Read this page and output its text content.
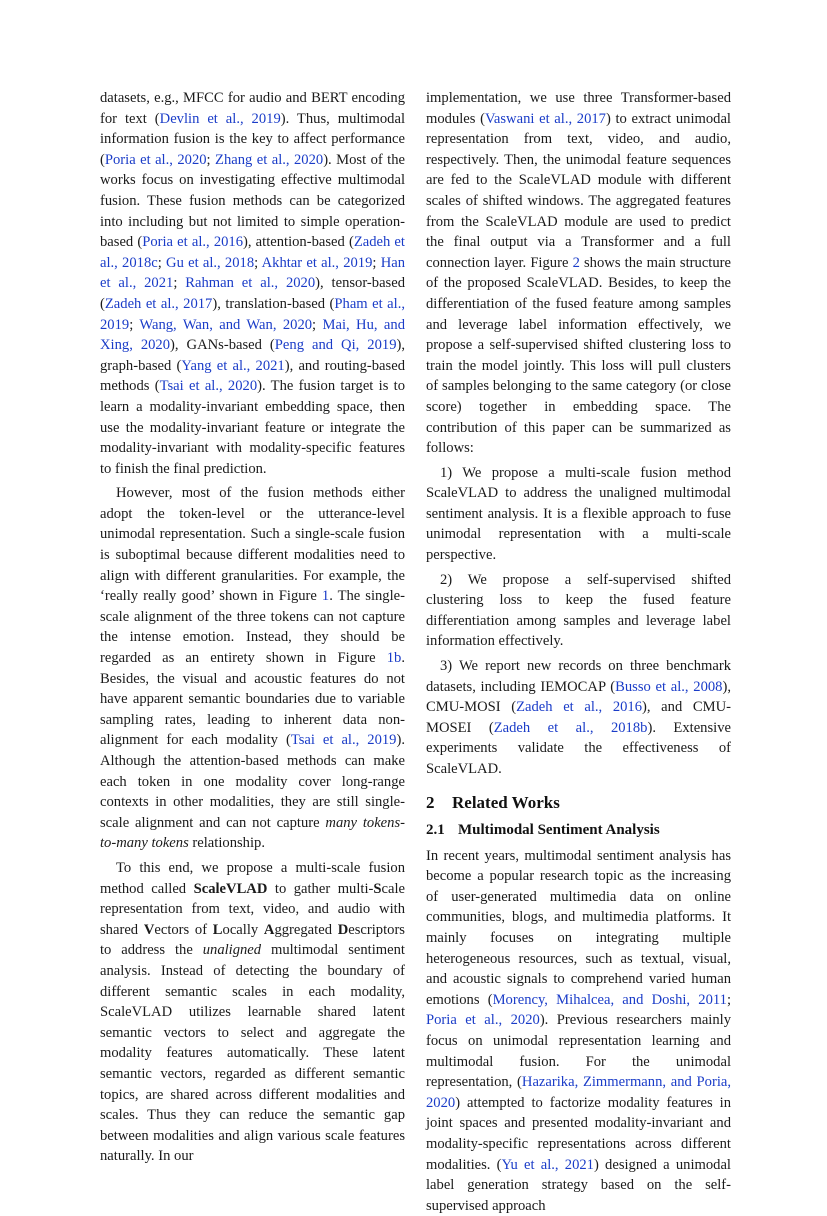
datasets, e.g., MFCC for audio and BERT encoding for text (Devlin et al., 2019). Thus, multimodal information fusion is the key to affect performance (Poria et al., 2020; Zhang et al., 2020). Most of the works focus on investigating effective multimodal fusion. These fusion methods can be categorized into including but not limited to simple operation-based (Poria et al., 2016), attention-based (Zadeh et al., 2018c; Gu et al., 2018; Akhtar et al., 2019; Han et al., 2021; Rahman et al., 2020), tensor-based (Zadeh et al., 2017), translation-based (Pham et al., 2019; Wang, Wan, and Wan, 2020; Mai, Hu, and Xing, 2020), GANs-based (Peng and Qi, 2019), graph-based (Yang et al., 2021), and routing-based methods (Tsai et al., 2020). The fusion target is to learn a modality-invariant embedding space, then use the modality-invariant feature or integrate the modality-invariant with modality-specific features to finish the final prediction.

However, most of the fusion methods either adopt the token-level or the utterance-level unimodal representation. Such a single-scale fusion is suboptimal because different modalities need to align with different granularities. For example, the ‘really really good’ shown in Figure 1. The single-scale alignment of the three tokens can not capture the intense emotion. Instead, they should be regarded as an entirety shown in Figure 1b. Besides, the visual and acoustic features do not have apparent semantic boundaries due to variable sampling rates, leading to inherent data non-alignment for each modality (Tsai et al., 2019). Although the attention-based methods can make each token in one modality cover long-range contexts in other modalities, they are still single-scale alignment and can not capture many tokens-to-many tokens relationship.

To this end, we propose a multi-scale fusion method called ScaleVLAD to gather multi-Scale representation from text, video, and audio with shared Vectors of Locally Aggregated Descriptors to address the unaligned multimodal sentiment analysis. Instead of detecting the boundary of different semantic scales in each modality, ScaleVLAD utilizes learnable shared latent semantic vectors to select and aggregate the modality features automatically. These latent semantic vectors, regarded as different semantic topics, are shared across different modalities and scales. Thus they can reduce the semantic gap between modalities and align various scale features naturally. In our

implementation, we use three Transformer-based modules (Vaswani et al., 2017) to extract unimodal representation from text, video, and audio, respectively. Then, the unimodal feature sequences are fed to the ScaleVLAD module with different scales of shifted windows. The aggregated features from the ScaleVLAD module are used to predict the final output via a Transformer and a full connection layer. Figure 2 shows the main structure of the proposed ScaleVLAD. Besides, to keep the differentiation of the fused feature among samples and leverage label information effectively, we propose a self-supervised shifted clustering loss to train the model jointly. This loss will pull clusters of samples belonging to the same category (or close score) together in embedding space. The contribution of this paper can be summarized as follows:

1) We propose a multi-scale fusion method ScaleVLAD to address the unaligned multimodal sentiment analysis. It is a flexible approach to fuse unimodal representation with a multi-scale perspective.

2) We propose a self-supervised shifted clustering loss to keep the fused feature differentiation among samples and leverage label information effectively.

3) We report new records on three benchmark datasets, including IEMOCAP (Busso et al., 2008), CMU-MOSI (Zadeh et al., 2016), and CMU-MOSEI (Zadeh et al., 2018b). Extensive experiments validate the effectiveness of ScaleVLAD.

2 Related Works
2.1 Multimodal Sentiment Analysis

In recent years, multimodal sentiment analysis has become a popular research topic as the increasing of user-generated multimedia data on online communities, blogs, and multimedia platforms. It mainly focuses on integrating multiple heterogeneous resources, such as textual, visual, and acoustic signals to comprehend varied human emotions (Morency, Mihalcea, and Doshi, 2011; Poria et al., 2020). Previous researchers mainly focus on unimodal representation learning and multimodal fusion. For the unimodal representation, (Hazarika, Zimmermann, and Poria, 2020) attempted to factorize modality features in joint spaces and presented modality-invariant and modality-specific representations across different modalities. (Yu et al., 2021) designed a unimodal label generation strategy based on the self-supervised approach
